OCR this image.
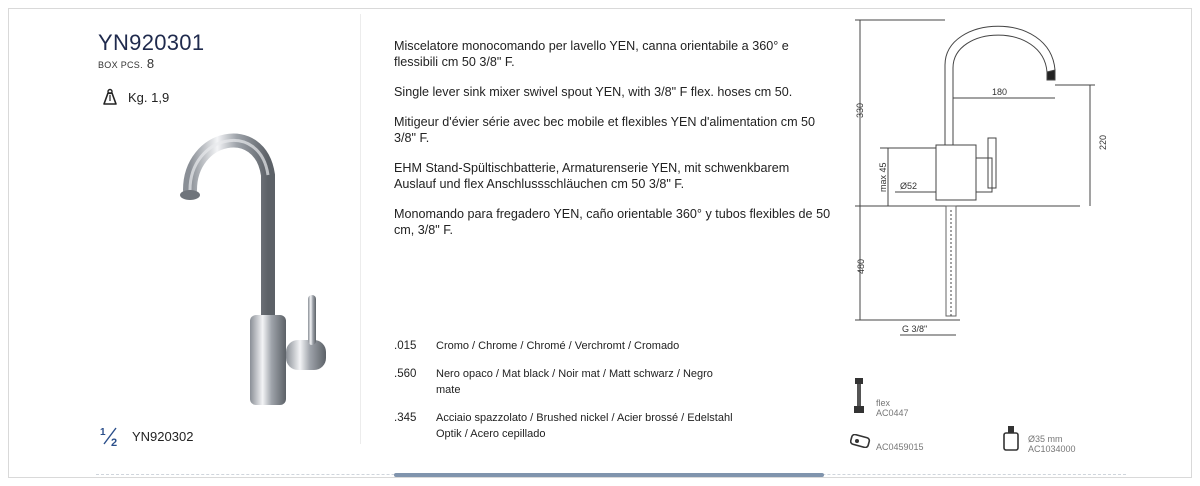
YN920301
BOX PCS. 8
Kg. 1,9
1
2 YN920302

Miscelatore monocomando per lavello YEN, canna orientabile a 360° e flessibili cm 50 3/8" F.

Single lever sink mixer swivel spout YEN, with 3/8" F flex. hoses cm 50.

Mitigeur d'évier série avec bec mobile et flexibles YEN d'alimentation cm 50 3/8" F.

EHM Stand-Spültischbatterie, Armaturenserie YEN, mit schwenkbarem Auslauf und flex Anschlussschläuchen cm 50 3/8" F.

Monomando para fregadero YEN, caño orientable 360° y tubos flexibles de 50 cm, 3/8" F.

.015	Cromo / Chrome / Chromé / Verchromt / Cromado
.560	Nero opaco / Mat black / Noir mat / Matt schwarz / Negro mate
.345	Acciaio spazzolato / Brushed nickel / Acier brossé / Edelstahl Optik / Acero cepillado
330
180
220
max 45 Ø52
480
G 3/8"
flex
AC0447
AC0459015
Ø35 mm
AC1034000
